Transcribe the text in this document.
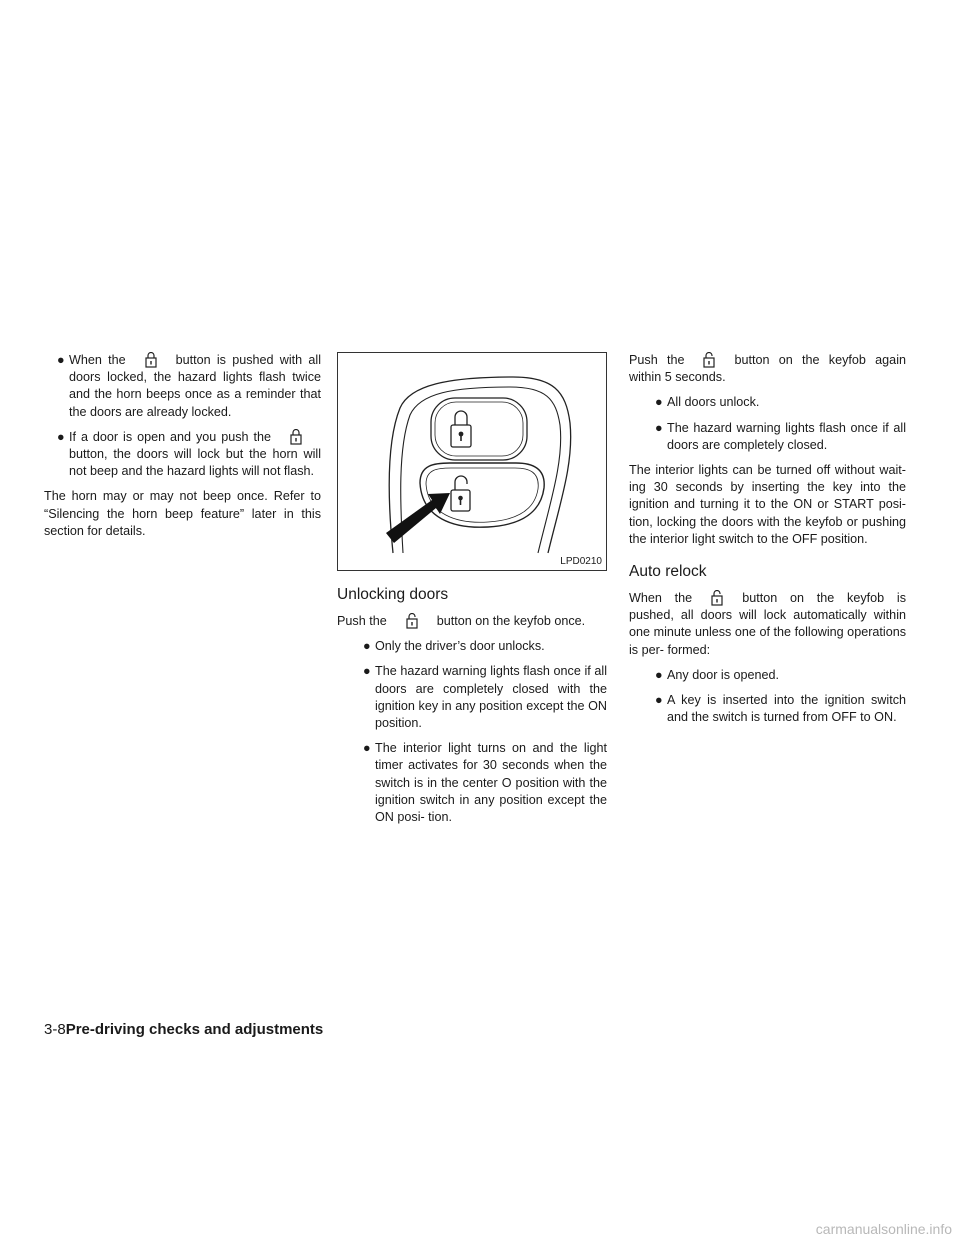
● When the	button is pushed with all doors locked, the hazard lights flash twice and the horn beeps once as a reminder that the doors are already locked.
● If a door is open and you push the
button, the doors will lock but the horn will not beep and the hazard lights will not flash.

The horn may or may not beep once. Refer to “Silencing the horn beep feature” later in this section for details.

LPD0210
Unlocking doors

Push the	button on the keyfob once.

● Only the driver’s door unlocks.
● The hazard warning lights flash once if all doors are completely closed with the ignition key in any position except the ON position.
● The interior light turns on and the light timer activates for 30 seconds when the switch is in the center O position with the ignition switch in any position except the ON posi- tion.

Push the	button on the keyfob again within 5 seconds.

● All doors unlock.
● The hazard warning lights flash once if all doors are completely closed.

The interior lights can be turned off without wait- ing 30 seconds by inserting the key into the ignition and turning it to the ON or START posi- tion, locking the doors with the keyfob or pushing the interior light switch to the OFF position.

Auto relock

When the	button on the keyfob is pushed, all doors will lock automatically within one minute unless one of the following operations is per- formed:

● Any door is opened.
● A key is inserted into the ignition switch and the switch is turned from OFF to ON.
3-8Pre-driving checks and adjustments
carmanualsonline.info
